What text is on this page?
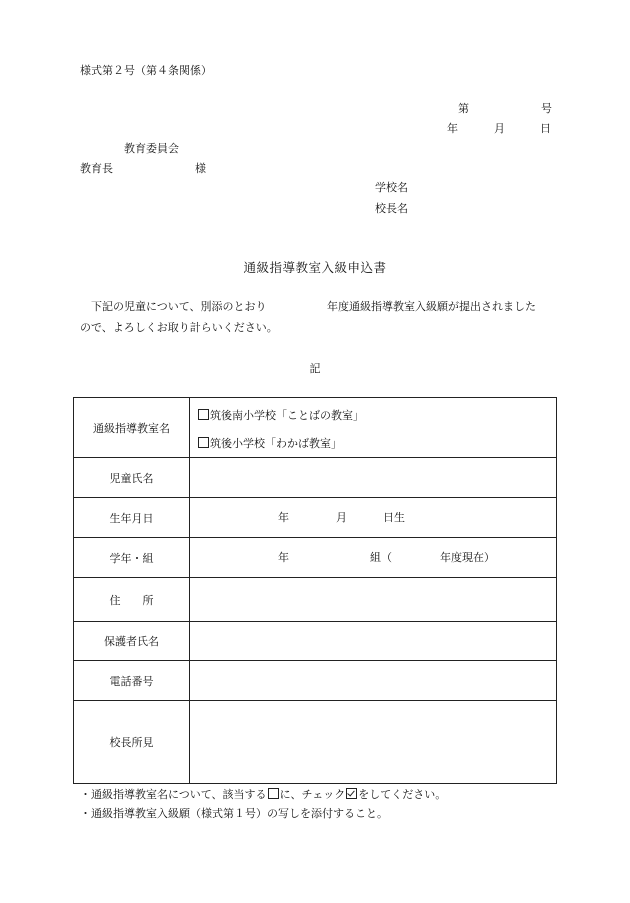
様式第２号（第４条関係）
第	号
年	月	日
教育委員会
教育長	様
学校名
校長名
通級指導教室入級申込書
下記の児童について、別添のとおり	年度通級指導教室入級願が提出されました
ので、よろしくお取り計らいください。
記
通級指導教室名	筑後南小学校「ことばの教室」
筑後小学校「わかば教室」

児童氏名	
生年月日	年 月 日生

学年・組	年 組（ 年度現在）

住　　所	
保護者氏名	
電話番号	
校長所見	
・通級指導教室名について、該当する に、チェック をしてください。
・通級指導教室入級願（様式第１号）の写しを添付すること。
